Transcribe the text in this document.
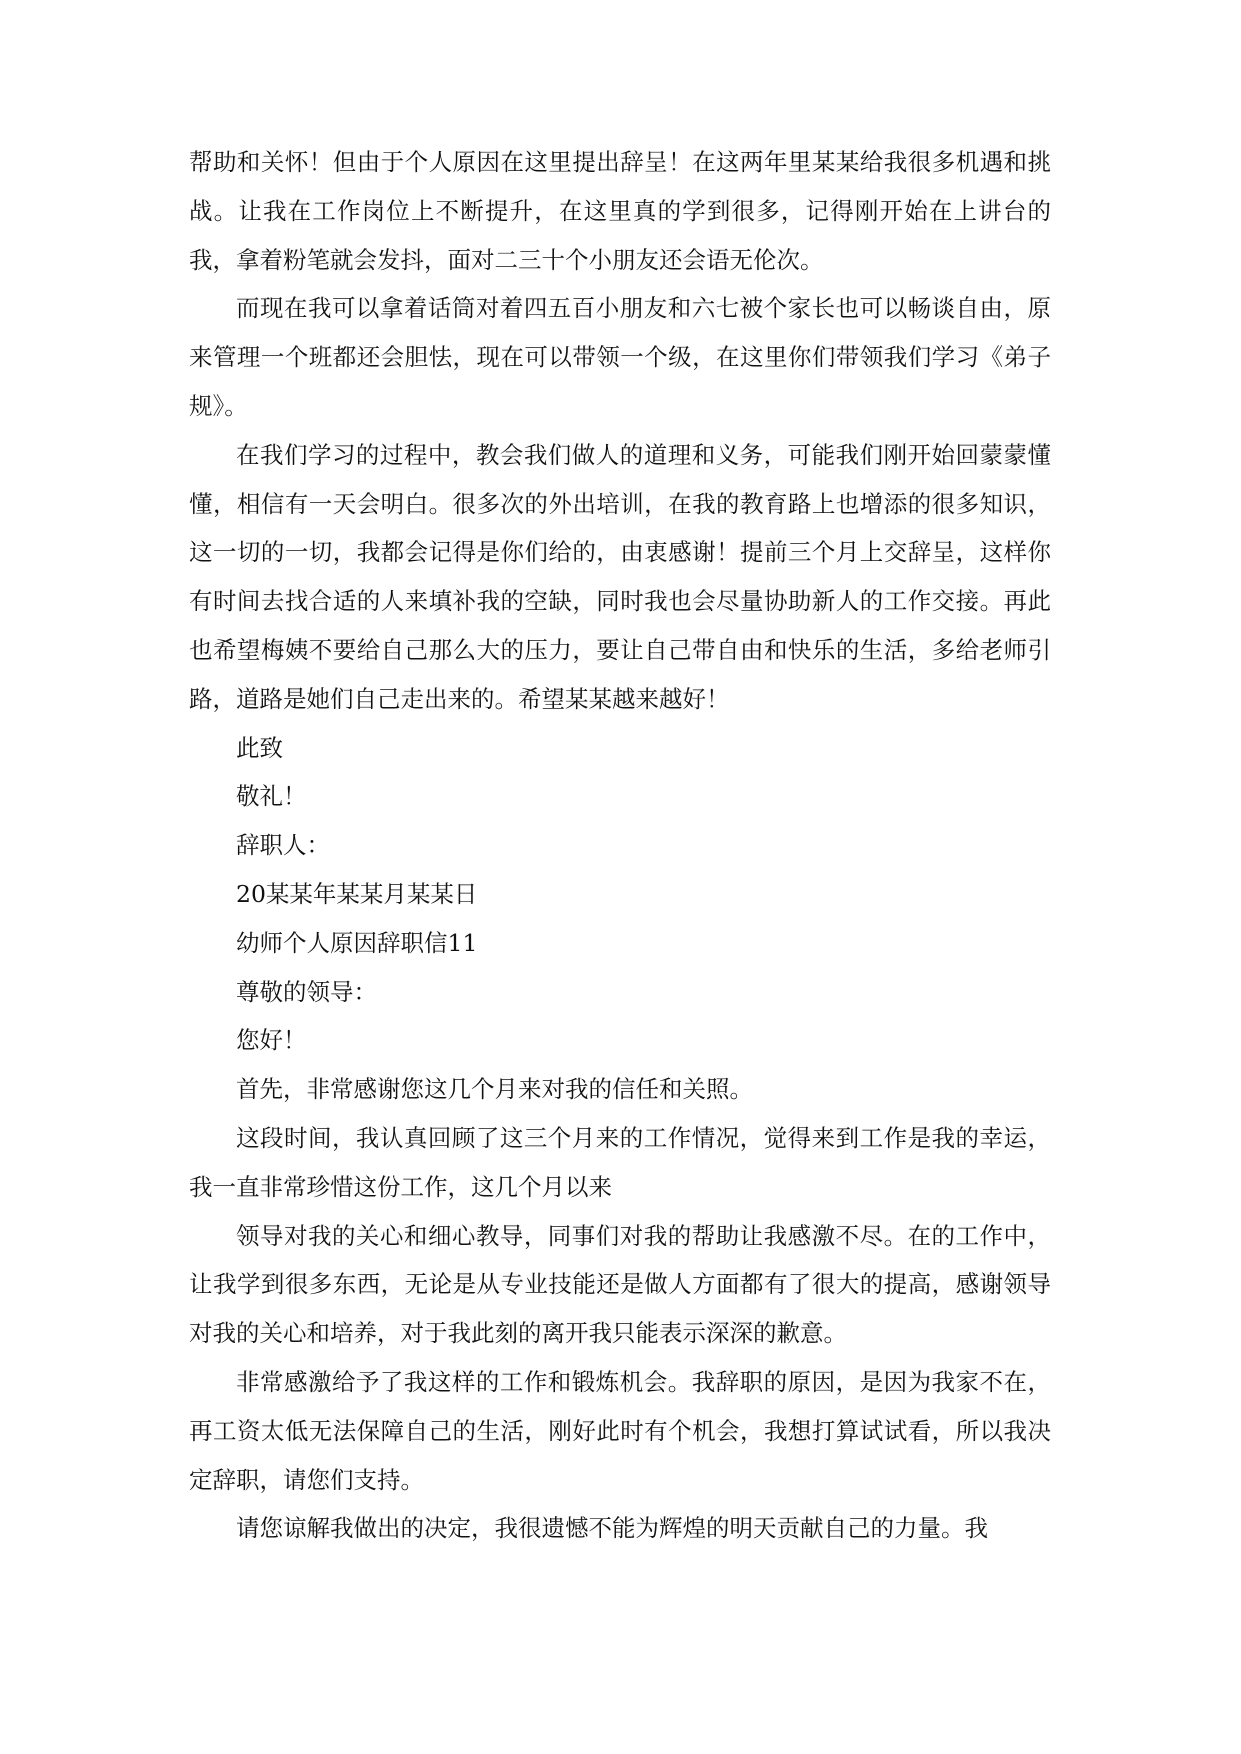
帮助和关怀！但由于个人原因在这里提出辞呈！在这两年里某某给我很多机遇和挑战。让我在工作岗位上不断提升，在这里真的学到很多，记得刚开始在上讲台的我，拿着粉笔就会发抖，面对二三十个小朋友还会语无伦次。

而现在我可以拿着话筒对着四五百小朋友和六七被个家长也可以畅谈自由，原来管理一个班都还会胆怯，现在可以带领一个级，在这里你们带领我们学习《弟子规》。

在我们学习的过程中，教会我们做人的道理和义务，可能我们刚开始回蒙蒙懂懂，相信有一天会明白。很多次的外出培训，在我的教育路上也增添的很多知识，这一切的一切，我都会记得是你们给的，由衷感谢！提前三个月上交辞呈，这样你有时间去找合适的人来填补我的空缺，同时我也会尽量协助新人的工作交接。再此也希望梅姨不要给自己那么大的压力，要让自己带自由和快乐的生活，多给老师引路，道路是她们自己走出来的。希望某某越来越好！

此致

敬礼！

辞职人：

20某某年某某月某某日

幼师个人原因辞职信11

尊敬的领导：

您好！

首先，非常感谢您这几个月来对我的信任和关照。

这段时间，我认真回顾了这三个月来的工作情况，觉得来到工作是我的幸运，我一直非常珍惜这份工作，这几个月以来

领导对我的关心和细心教导，同事们对我的帮助让我感激不尽。在的工作中，让我学到很多东西，无论是从专业技能还是做人方面都有了很大的提高，感谢领导对我的关心和培养，对于我此刻的离开我只能表示深深的歉意。

非常感激给予了我这样的工作和锻炼机会。我辞职的原因，是因为我家不在，再工资太低无法保障自己的生活，刚好此时有个机会，我想打算试试看，所以我决定辞职，请您们支持。

请您谅解我做出的决定，我很遗憾不能为辉煌的明天贡献自己的力量。我
